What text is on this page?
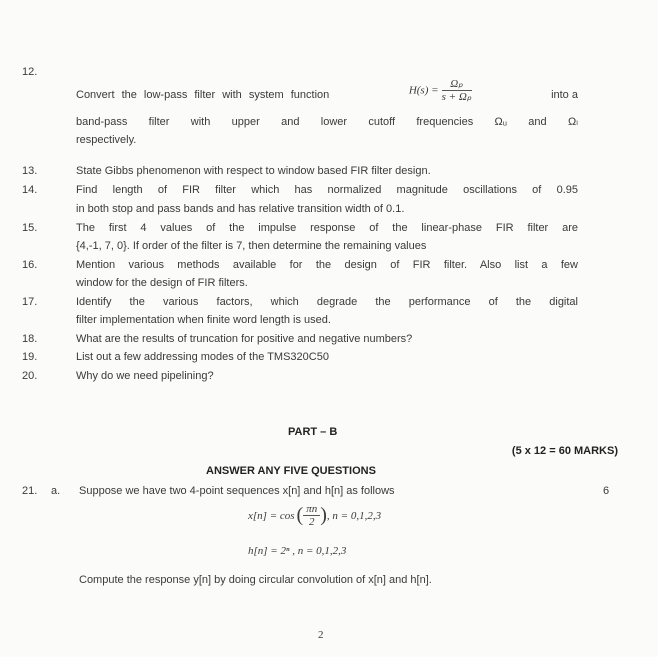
12.
Convert the low-pass filter with system function	$H(s) = \frac{\text{Ωₚ}}{\text{s + Ωₚ}}$	into a
band-pass filter with upper and lower cutoff frequencies Ωᵤ and Ωₗ
respectively.
13.	State Gibbs phenomenon with respect to window based FIR filter design.
14.	Find length of FIR filter which has normalized magnitude oscillations of 0.95
in both stop and pass bands and has relative transition width of 0.1.
15.	The first 4 values of the impulse response of the linear-phase FIR filter are
{4,-1, 7, 0}. If order of the filter is 7, then determine the remaining values
16.	Mention various methods available for the design of FIR filter. Also list a few
window for the design of FIR filters.
17.	Identify the various factors, which degrade the performance of the digital
filter implementation when finite word length is used.
18.	What are the results of truncation for positive and negative numbers?
19.	List out a few addressing modes of the TMS320C50
20.	Why do we need pipelining?
PART – B
(5 x 12 = 60 MARKS)
ANSWER ANY FIVE QUESTIONS
21. a. Suppose we have two 4-point sequences x[n] and h[n] as follows	6
x[n] = cos ( $\frac{\pi n}{2}$ ) , n = 0,1,2,3
h[n] = 2ⁿ , n = 0,1,2,3
Compute the response y[n] by doing circular convolution of x[n] and h[n].
2
